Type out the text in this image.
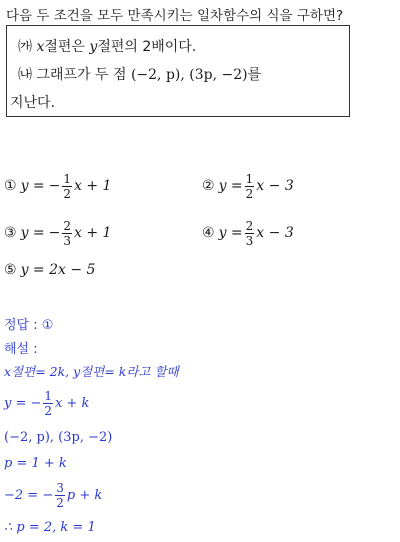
다음 두 조건을 모두 만족시키는 일차함수의 식을 구하면?
㈎ x절편은 y절편의 2배이다.
㈏ 그래프가 두 점 (−2, p), (3p, −2)를
지난다.
① y = − $\frac{1}{2}$ x + 1	② $y = \frac{1}{2}$ x − 3
③ y = − $\frac{2}{3}$ x + 1	④ $y = \frac{2}{3}$ x − 3
⑤ y = 2x − 5
정답 : ①
해설 :
x절편= 2k, y절편= k라고 할때
y = − $\frac{1}{2}$ x + k
(−2, p), (3p, −2)
p = 1 + k
−2 = − $\frac{3}{2}$ p + k
∴ p = 2, k = 1
